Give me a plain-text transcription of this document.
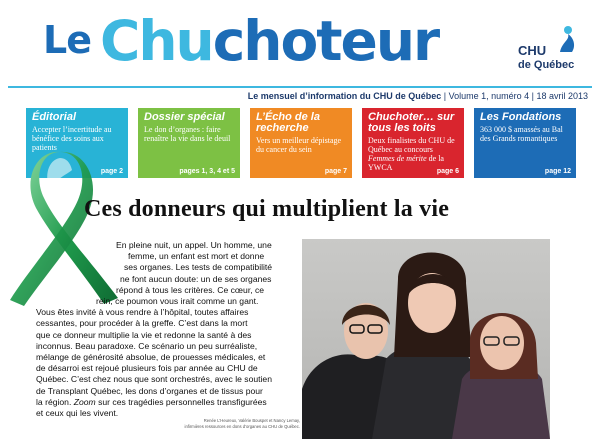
Le Chuchoteur	CHU
de Québec
Le mensuel d’information du CHU de Québec | Volume 1, numéro 4 | 18 avril 2013
Éditorial
Accepter l’incertitude au bénéfice des soins aux patients
page 2
Dossier spécial
Le don d’organes : faire renaître la vie dans le deuil
pages 1, 3, 4 et 5
L’Écho de la recherche
Vers un meilleur dépistage du cancer du sein
page 7
Chuchoter… sur tous les toits
Deux finalistes du CHU de Québec au concours Femmes de mérite de la YWCA	page 6
Les Fondations
363 000 $ amassés au Bal des Grands romantiques
page 12
Ces donneurs qui multiplient la vie
En pleine nuit, un appel. Un homme, une
femme, un enfant est mort et donne
ses organes. Les tests de compatibilité
ne font aucun doute: un de ses organes
répond à tous les critères. Ce cœur, ce
rein, ce poumon vous irait comme un gant.
Vous êtes invité à vous rendre à l’hôpital, toutes affaires
cessantes, pour procéder à la greffe. C’est dans la mort
que ce donneur multiplie la vie et redonne la santé à des
inconnus. Beau paradoxe. Ce scénario un peu surréaliste,
mélange de générosité absolue, de prouesses médicales, et
de désarroi est rejoué plusieurs fois par année au CHU de
Québec. C’est chez nous que sont orchestrés, avec le soutien
de Transplant Québec, les dons d’organes et de tissus pour
la région. Zoom sur ces tragédies personnelles transfigurées
et ceux qui les vivent.
Renée L’Heureux, Valérie Bouspet et Nancy Lemay,
infirmières ressources en dons d’organes au CHU de Québec.
